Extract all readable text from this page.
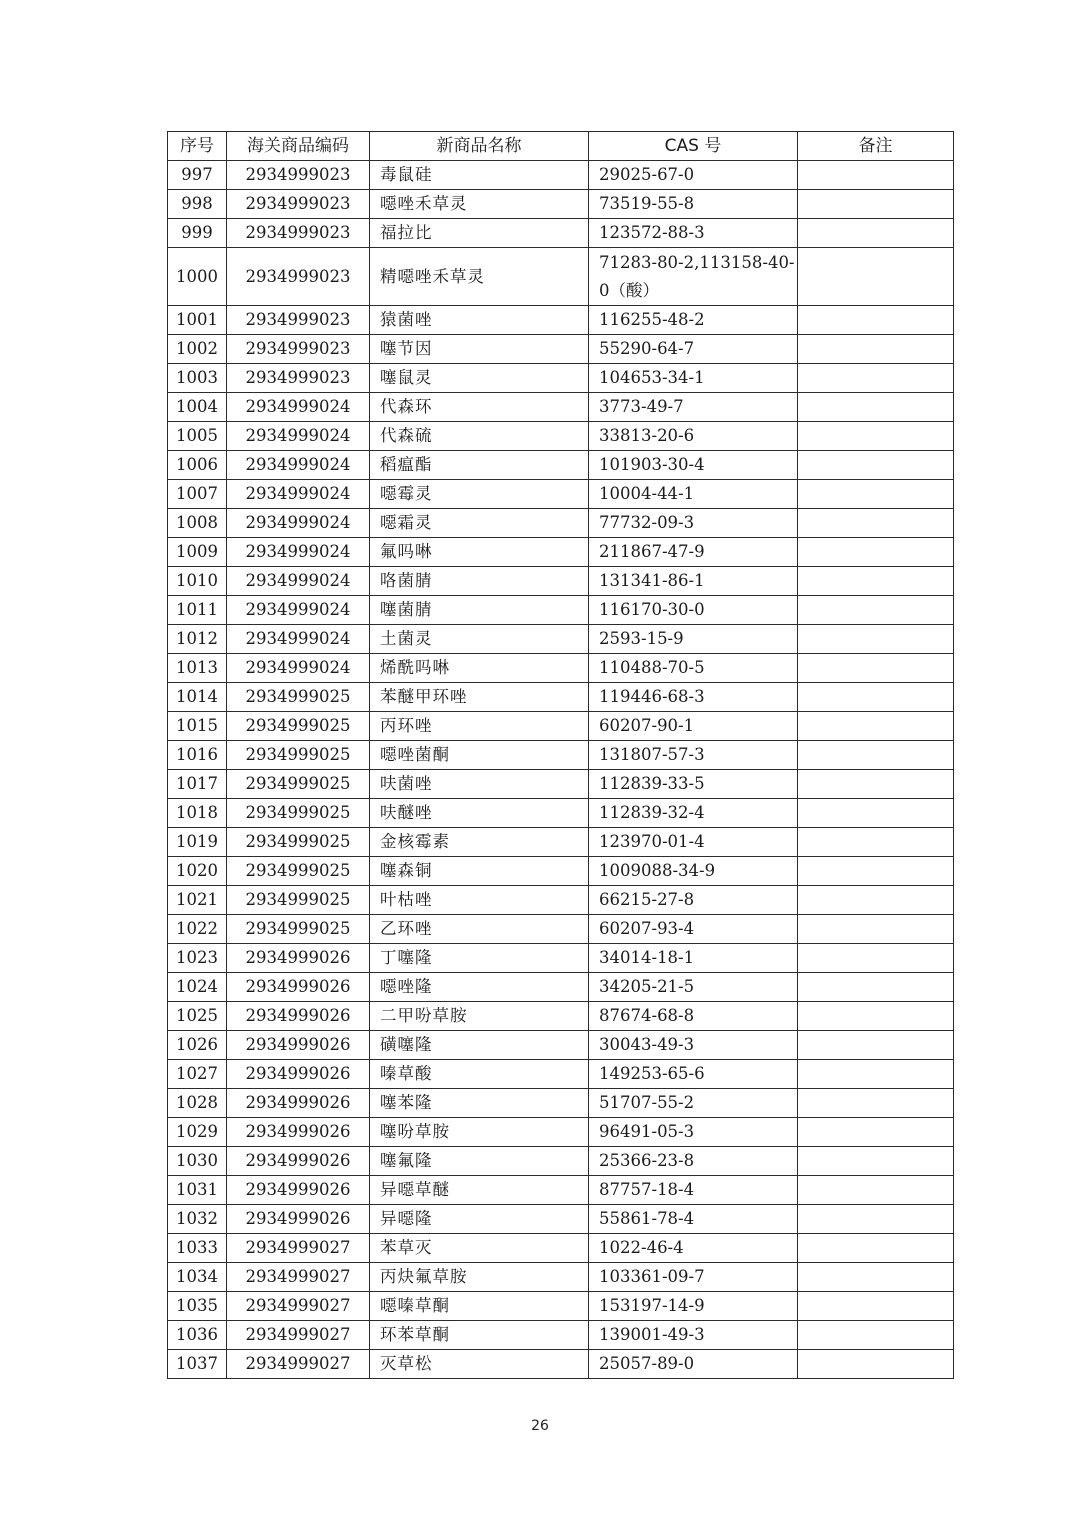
序号	海关商品编码	新商品名称	CAS 号	备注
997	2934999023	毒鼠硅	29025-67-0	
998	2934999023	噁唑禾草灵	73519-55-8	
999	2934999023	福拉比	123572-88-3	
1000	2934999023	精噁唑禾草灵	71283-80-2,113158-40-0（酸）	
1001	2934999023	猿菌唑	116255-48-2	
1002	2934999023	噻节因	55290-64-7	
1003	2934999023	噻鼠灵	104653-34-1	
1004	2934999024	代森环	3773-49-7	
1005	2934999024	代森硫	33813-20-6	
1006	2934999024	稻瘟酯	101903-30-4	
1007	2934999024	噁霉灵	10004-44-1	
1008	2934999024	噁霜灵	77732-09-3	
1009	2934999024	氟吗啉	211867-47-9	
1010	2934999024	咯菌腈	131341-86-1	
1011	2934999024	噻菌腈	116170-30-0	
1012	2934999024	土菌灵	2593-15-9	
1013	2934999024	烯酰吗啉	110488-70-5	
1014	2934999025	苯醚甲环唑	119446-68-3	
1015	2934999025	丙环唑	60207-90-1	
1016	2934999025	噁唑菌酮	131807-57-3	
1017	2934999025	呋菌唑	112839-33-5	
1018	2934999025	呋醚唑	112839-32-4	
1019	2934999025	金核霉素	123970-01-4	
1020	2934999025	噻森铜	1009088-34-9	
1021	2934999025	叶枯唑	66215-27-8	
1022	2934999025	乙环唑	60207-93-4	
1023	2934999026	丁噻隆	34014-18-1	
1024	2934999026	噁唑隆	34205-21-5	
1025	2934999026	二甲吩草胺	87674-68-8	
1026	2934999026	磺噻隆	30043-49-3	
1027	2934999026	嗪草酸	149253-65-6	
1028	2934999026	噻苯隆	51707-55-2	
1029	2934999026	噻吩草胺	96491-05-3	
1030	2934999026	噻氟隆	25366-23-8	
1031	2934999026	异噁草醚	87757-18-4	
1032	2934999026	异噁隆	55861-78-4	
1033	2934999027	苯草灭	1022-46-4	
1034	2934999027	丙炔氟草胺	103361-09-7	
1035	2934999027	噁嗪草酮	153197-14-9	
1036	2934999027	环苯草酮	139001-49-3	
1037	2934999027	灭草松	25057-89-0	
26
